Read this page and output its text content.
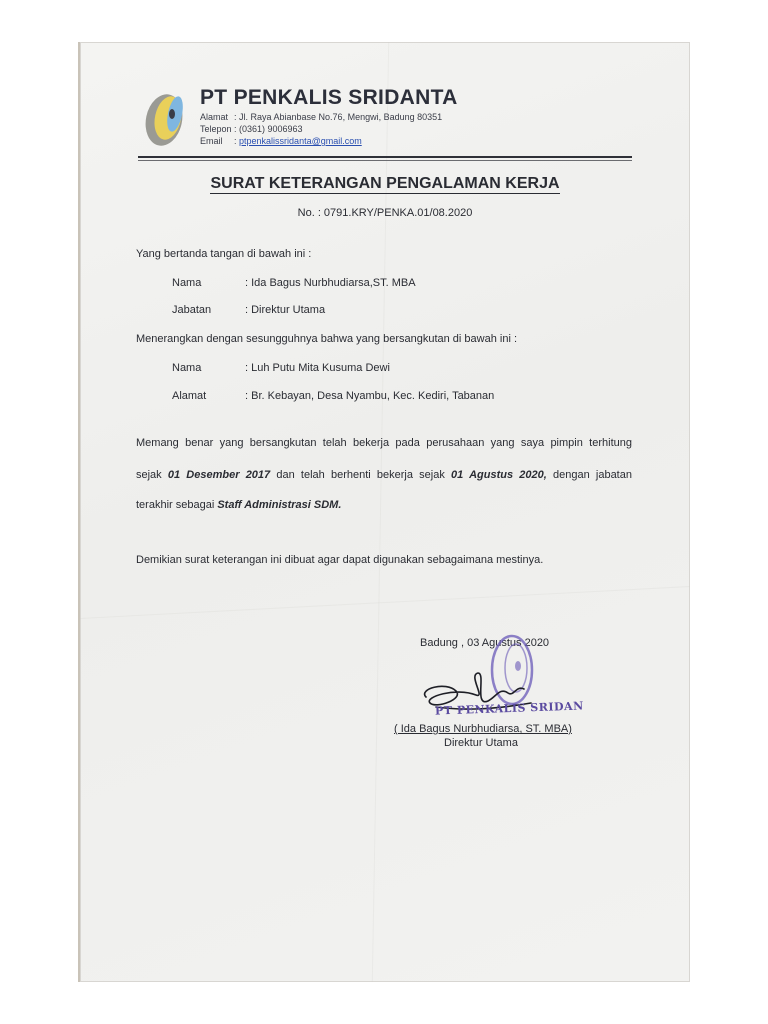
PT PENKALIS SRIDANTA
Alamat : Jl. Raya Abianbase No.76, Mengwi, Badung 80351
Telepon : (0361) 9006963
Email : ptpenkalissridanta@gmail.com
SURAT KETERANGAN PENGALAMAN KERJA
No. : 0791.KRY/PENKA.01/08.2020
Yang bertanda tangan di bawah ini :
Nama	: Ida Bagus Nurbhudiarsa,ST. MBA
Jabatan	: Direktur Utama
Menerangkan dengan sesungguhnya bahwa yang bersangkutan di bawah ini :
Nama	: Luh Putu Mita Kusuma Dewi
Alamat	: Br. Kebayan, Desa Nyambu, Kec. Kediri, Tabanan
Memang benar yang bersangkutan telah bekerja pada perusahaan yang saya pimpin terhitung
sejak 01 Desember 2017 dan telah berhenti bekerja sejak 01 Agustus 2020, dengan jabatan
terakhir sebagai Staff Administrasi SDM.
Demikian surat keterangan ini dibuat agar dapat digunakan sebagaimana mestinya.
Badung , 03 Agustus 2020
PT PENKALIS SRIDAN
( Ida Bagus Nurbhudiarsa, ST. MBA)
Direktur Utama
